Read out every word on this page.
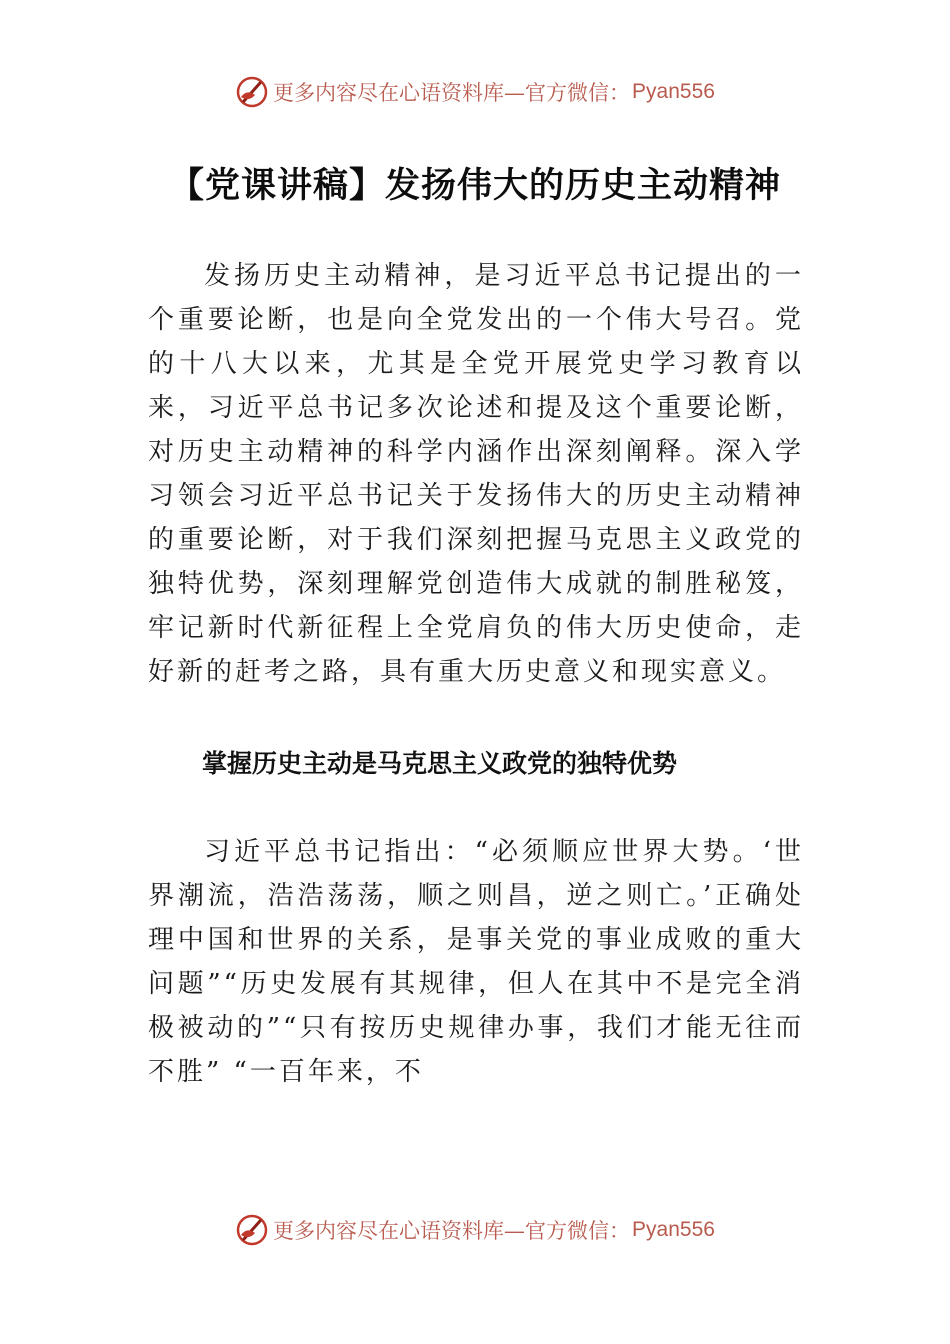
更多内容尽在心语资料库—官方微信： Pyan556
【党课讲稿】发扬伟大的历史主动精神

发扬历史主动精神，是习近平总书记提出的一个重要论断，也是向全党发出的一个伟大号召。党的十八大以来，尤其是全党开展党史学习教育以来，习近平总书记多次论述和提及这个重要论断，对历史主动精神的科学内涵作出深刻阐释。深入学习领会习近平总书记关于发扬伟大的历史主动精神的重要论断，对于我们深刻把握马克思主义政党的独特优势，深刻理解党创造伟大成就的制胜秘笈，牢记新时代新征程上全党肩负的伟大历史使命，走好新的赶考之路，具有重大历史意义和现实意义。

掌握历史主动是马克思主义政党的独特优势

习近平总书记指出：“必须顺应世界大势。‘世界潮流，浩浩荡荡，顺之则昌，逆之则亡。’正确处理中国和世界的关系，是事关党的事业成败的重大问题”“历史发展有其规律，但人在其中不是完全消极被动的”“只有按历史规律办事，我们才能无往而不胜” “一百年来，不

更多内容尽在心语资料库—官方微信： Pyan556
